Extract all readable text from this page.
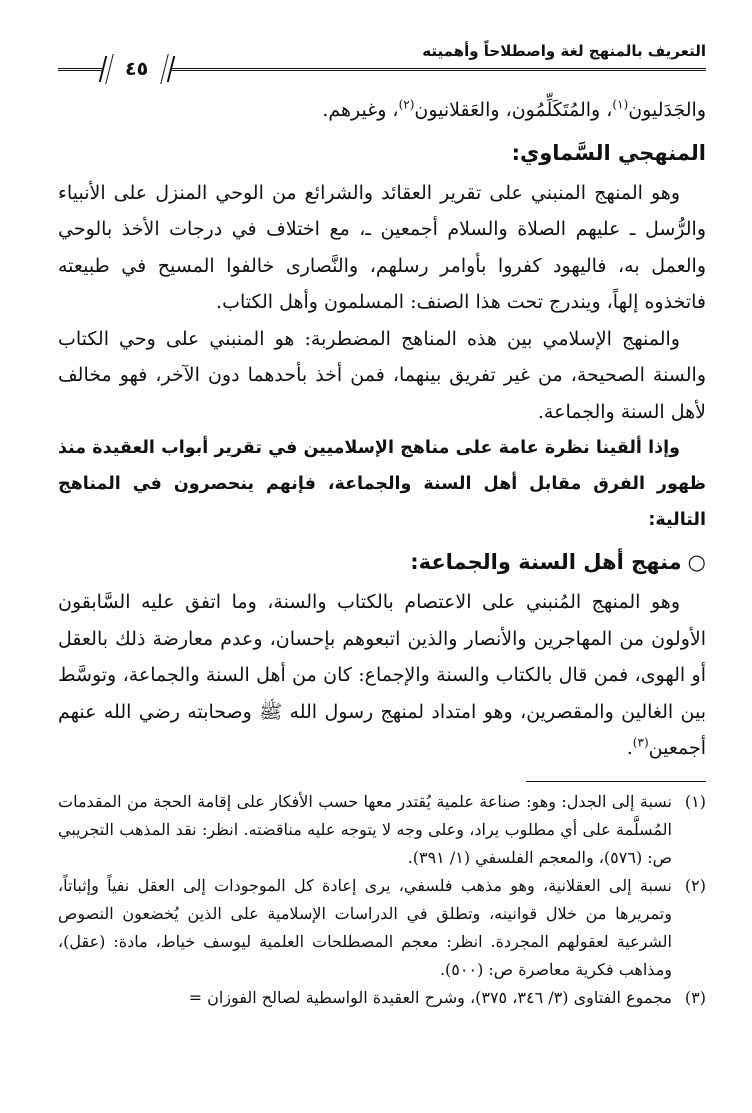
التعريف بالمنهج لغة واصطلاحاً وأهميته
٤٥

والجَدَليون$^{(١)}$، والمُتَكَلِّمُون، والعَقلانيون$^{(٢)}$، وغيرهم.

المنهجي السَّماوي:

وهو المنهج المنبني على تقرير العقائد والشرائع من الوحي المنزل على الأنبياء والرُّسل ـ عليهم الصلاة والسلام أجمعين ـ، مع اختلاف في درجات الأخذ بالوحي والعمل به، فاليهود كفروا بأوامر رسلهم، والنَّصارى خالفوا المسيح في طبيعته فاتخذوه إلهاً، ويندرج تحت هذا الصنف: المسلمون وأهل الكتاب.

والمنهج الإسلامي بين هذه المناهج المضطربة: هو المنبني على وحي الكتاب والسنة الصحيحة، من غير تفريق بينهما، فمن أخذ بأحدهما دون الآخر، فهو مخالف لأهل السنة والجماعة.

وإذا ألقينا نظرة عامة على مناهج الإسلاميين في تقرير أبواب العقيدة منذ ظهور الفرق مقابل أهل السنة والجماعة، فإنهم ينحصرون في المناهج التالية:

○منهج أهل السنة والجماعة:

وهو المنهج المُنبني على الاعتصام بالكتاب والسنة، وما اتفق عليه السَّابقون الأولون من المهاجرين والأنصار والذين اتبعوهم بإحسان، وعدم معارضة ذلك بالعقل أو الهوى، فمن قال بالكتاب والسنة والإجماع: كان من أهل السنة والجماعة، وتوسَّط بين الغالين والمقصرين، وهو امتداد لمنهج رسول الله ﷺ وصحابته رضي الله عنهم أجمعين$^{(٣)}$.

(١)
نسبة إلى الجدل: وهو: صناعة علمية يُقتدر معها حسب الأفكار على إقامة الحجة من المقدمات المُسلَّمة على أي مطلوب يراد، وعلى وجه لا يتوجه عليه مناقضته. انظر: نقد المذهب التجريبي ص: (٥٧٦)، والمعجم الفلسفي (١/ ٣٩١).
(٢)
نسبة إلى العقلانية، وهو مذهب فلسفي، يرى إعادة كل الموجودات إلى العقل نفياً وإثباتاً، وتمريرها من خلال قوانينه، وتطلق في الدراسات الإسلامية على الذين يُخضعون النصوص الشرعية لعقولهم المجردة. انظر: معجم المصطلحات العلمية ليوسف خياط، مادة: (عقل)، ومذاهب فكرية معاصرة ص: (٥٠٠).
(٣)
مجموع الفتاوى (٣/ ٣٤٦، ٣٧٥)، وشرح العقيدة الواسطية لصالح الفوزان =
